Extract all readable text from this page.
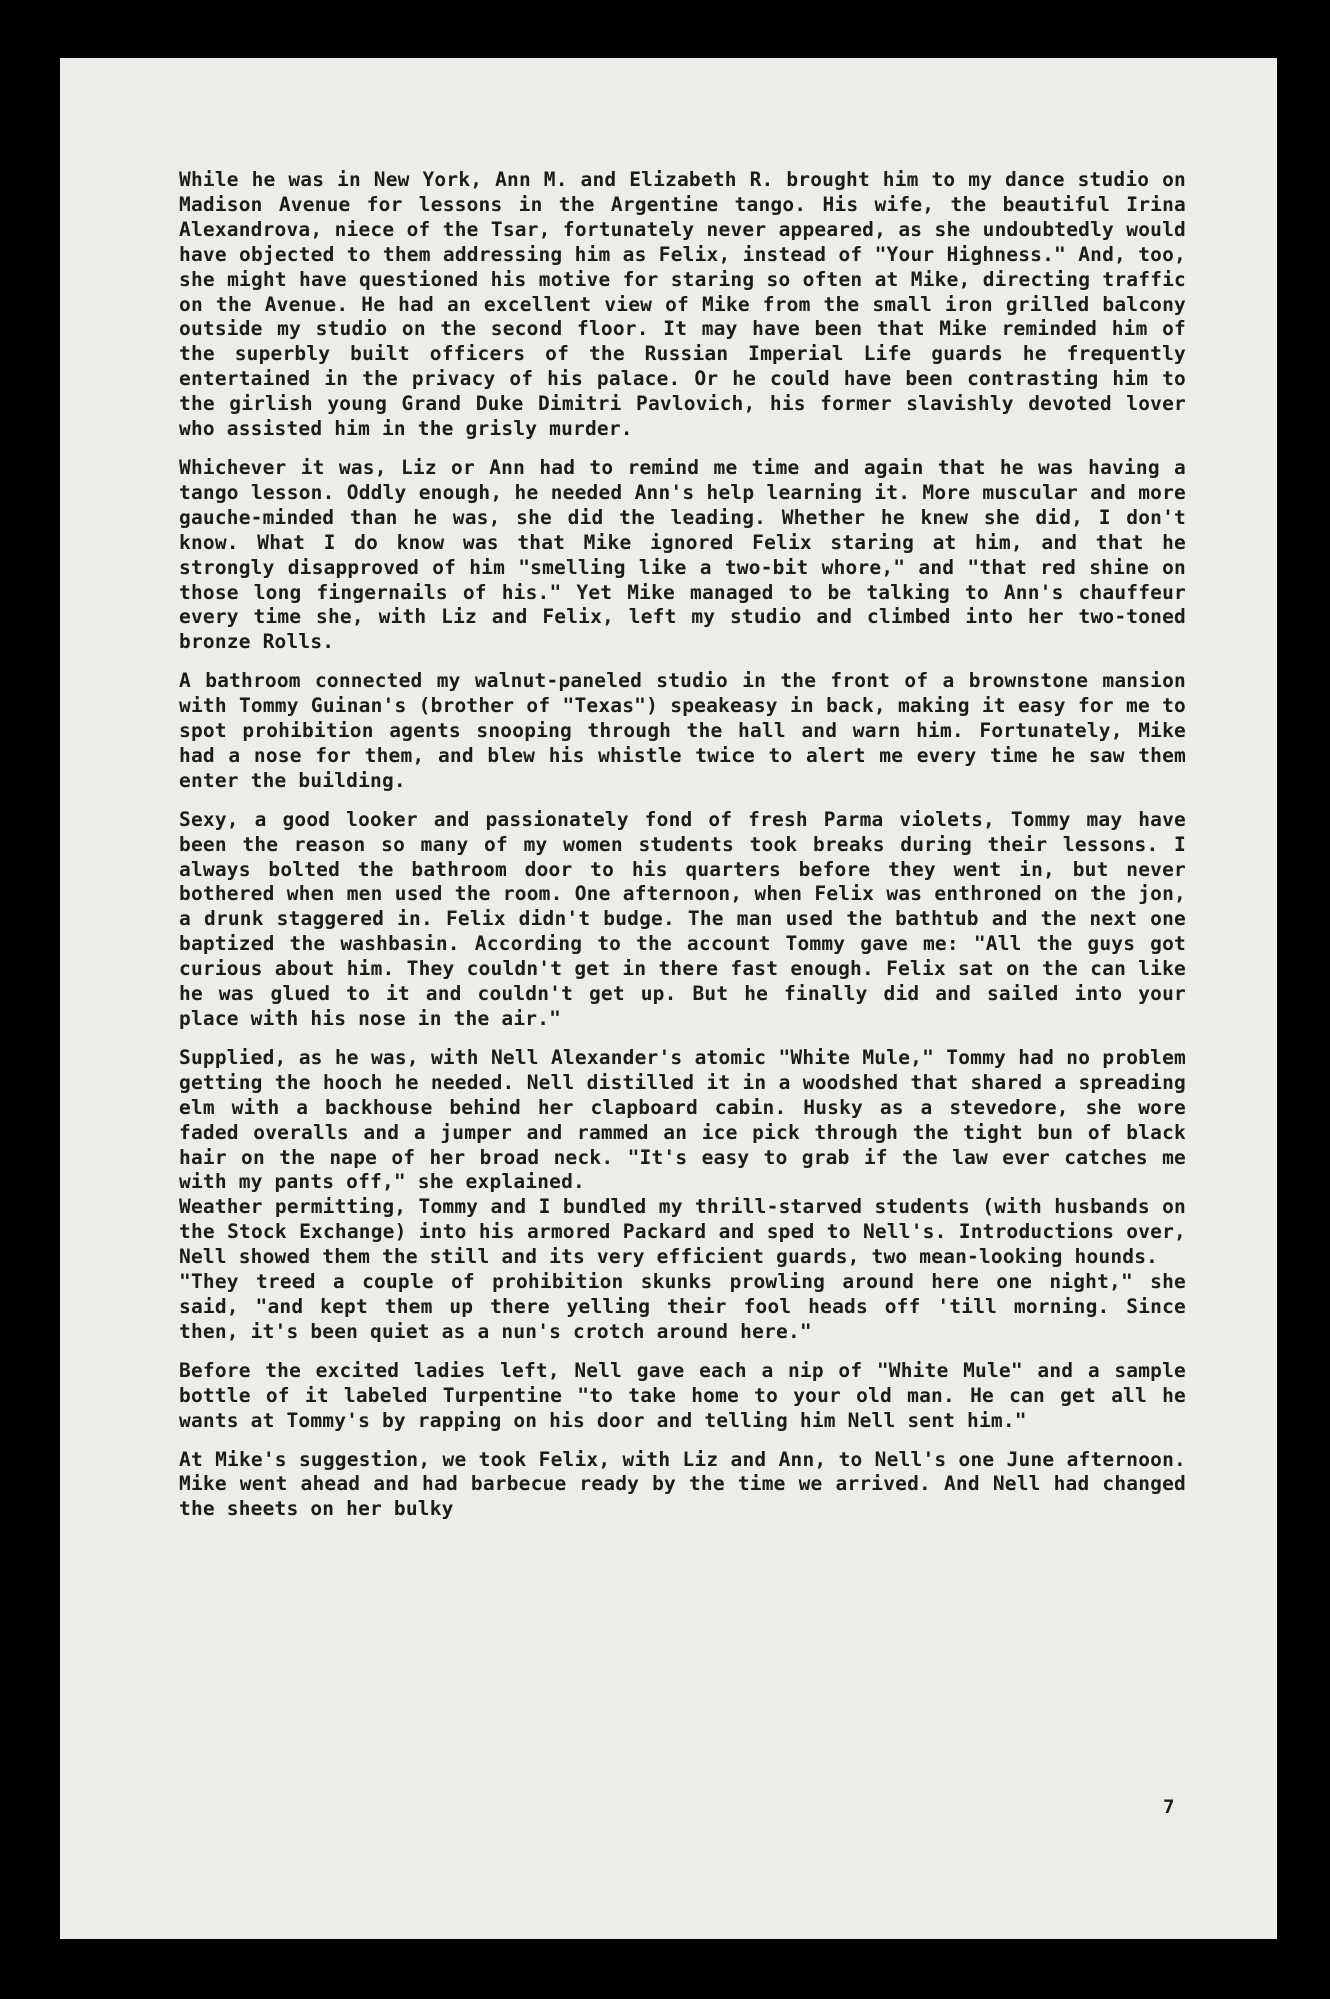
While he was in New York, Ann M. and Elizabeth R. brought him to my dance studio on Madison Avenue for lessons in the Argentine tango. His wife, the beautiful Irina Alexandrova, niece of the Tsar, fortunately never appeared, as she undoubtedly would have objected to them addressing him as Felix, instead of "Your Highness." And, too, she might have questioned his motive for staring so often at Mike, directing traffic on the Avenue. He had an excellent view of Mike from the small iron grilled balcony outside my studio on the second floor. It may have been that Mike reminded him of the superbly built officers of the Russian Imperial Life guards he frequently entertained in the privacy of his palace. Or he could have been contrasting him to the girlish young Grand Duke Dimitri Pavlovich, his former slavishly devoted lover who assisted him in the grisly murder.

Whichever it was, Liz or Ann had to remind me time and again that he was having a tango lesson. Oddly enough, he needed Ann's help learning it. More muscular and more gauche-minded than he was, she did the leading. Whether he knew she did, I don't know. What I do know was that Mike ignored Felix staring at him, and that he strongly disapproved of him "smelling like a two-bit whore," and "that red shine on those long fingernails of his." Yet Mike managed to be talking to Ann's chauffeur every time she, with Liz and Felix, left my studio and climbed into her two-toned bronze Rolls.

A bathroom connected my walnut-paneled studio in the front of a brownstone mansion with Tommy Guinan's (brother of "Texas") speakeasy in back, making it easy for me to spot prohibition agents snooping through the hall and warn him. Fortunately, Mike had a nose for them, and blew his whistle twice to alert me every time he saw them enter the building.

Sexy, a good looker and passionately fond of fresh Parma violets, Tommy may have been the reason so many of my women students took breaks during their lessons. I always bolted the bathroom door to his quarters before they went in, but never bothered when men used the room. One afternoon, when Felix was enthroned on the jon, a drunk staggered in. Felix didn't budge. The man used the bathtub and the next one baptized the washbasin. According to the account Tommy gave me: "All the guys got curious about him. They couldn't get in there fast enough. Felix sat on the can like he was glued to it and couldn't get up. But he finally did and sailed into your place with his nose in the air."

Supplied, as he was, with Nell Alexander's atomic "White Mule," Tommy had no problem getting the hooch he needed. Nell distilled it in a woodshed that shared a spreading elm with a backhouse behind her clapboard cabin. Husky as a stevedore, she wore faded overalls and a jumper and rammed an ice pick through the tight bun of black hair on the nape of her broad neck. "It's easy to grab if the law ever catches me with my pants off," she explained.

Weather permitting, Tommy and I bundled my thrill-starved students (with husbands on the Stock Exchange) into his armored Packard and sped to Nell's. Introductions over, Nell showed them the still and its very efficient guards, two mean-looking hounds.

"They treed a couple of prohibition skunks prowling around here one night," she said, "and kept them up there yelling their fool heads off 'till morning. Since then, it's been quiet as a nun's crotch around here."

Before the excited ladies left, Nell gave each a nip of "White Mule" and a sample bottle of it labeled Turpentine "to take home to your old man. He can get all he wants at Tommy's by rapping on his door and telling him Nell sent him."

At Mike's suggestion, we took Felix, with Liz and Ann, to Nell's one June afternoon. Mike went ahead and had barbecue ready by the time we arrived. And Nell had changed the sheets on her bulky

7
